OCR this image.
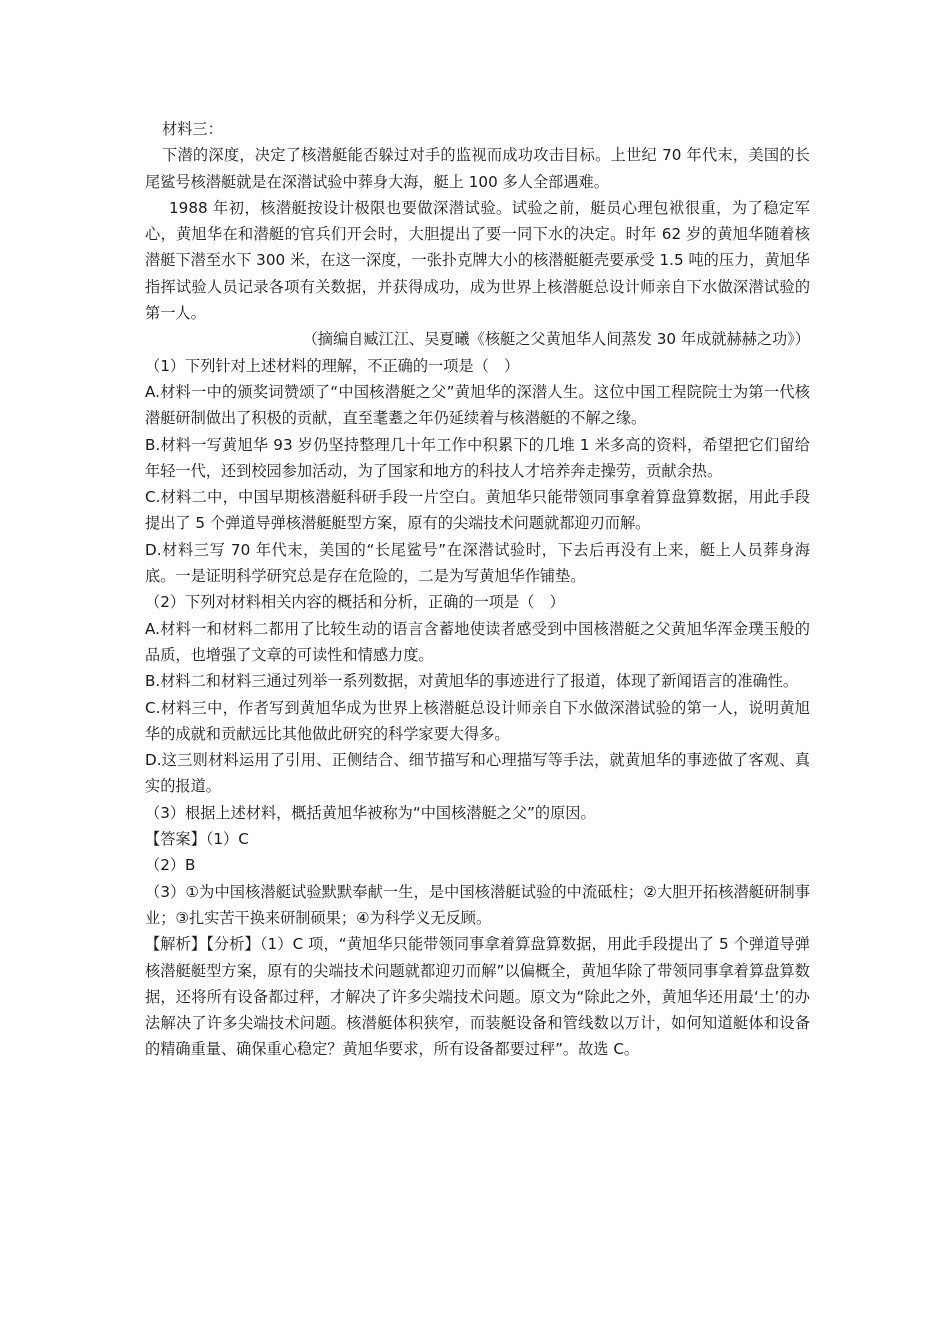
材料三：

下潜的深度，决定了核潜艇能否躲过对手的监视而成功攻击目标。上世纪 70 年代末，美国的长尾鲨号核潜艇就是在深潜试验中葬身大海，艇上 100 多人全部遇难。

1988 年初，核潜艇按设计极限也要做深潜试验。试验之前，艇员心理包袱很重，为了稳定军心，黄旭华在和潜艇的官兵们开会时，大胆提出了要一同下水的决定。时年 62 岁的黄旭华随着核潜艇下潜至水下 300 米，在这一深度，一张扑克牌大小的核潜艇艇壳要承受 1.5 吨的压力，黄旭华指挥试验人员记录各项有关数据，并获得成功，成为世界上核潜艇总设计师亲自下水做深潜试验的第一人。

（摘编自臧江江、吴夏曦《核艇之父黄旭华人间蒸发 30 年成就赫赫之功》）

（1）下列针对上述材料的理解，不正确的一项是（　）

A.材料一中的颁奖词赞颂了“中国核潜艇之父”黄旭华的深潜人生。这位中国工程院院士为第一代核潜艇研制做出了积极的贡献，直至耄耋之年仍延续着与核潜艇的不解之缘。

B.材料一写黄旭华 93 岁仍坚持整理几十年工作中积累下的几堆 1 米多高的资料，希望把它们留给年轻一代，还到校园参加活动，为了国家和地方的科技人才培养奔走操劳，贡献余热。

C.材料二中，中国早期核潜艇科研手段一片空白。黄旭华只能带领同事拿着算盘算数据，用此手段提出了 5 个弹道导弹核潜艇艇型方案，原有的尖端技术问题就都迎刃而解。

D.材料三写 70 年代末，美国的“长尾鲨号”在深潜试验时，下去后再没有上来，艇上人员葬身海底。一是证明科学研究总是存在危险的，二是为写黄旭华作铺垫。

（2）下列对材料相关内容的概括和分析，正确的一项是（　）

A.材料一和材料二都用了比较生动的语言含蓄地使读者感受到中国核潜艇之父黄旭华浑金璞玉般的品质，也增强了文章的可读性和情感力度。

B.材料二和材料三通过列举一系列数据，对黄旭华的事迹进行了报道，体现了新闻语言的准确性。

C.材料三中，作者写到黄旭华成为世界上核潜艇总设计师亲自下水做深潜试验的第一人，说明黄旭华的成就和贡献远比其他做此研究的科学家要大得多。

D.这三则材料运用了引用、正侧结合、细节描写和心理描写等手法，就黄旭华的事迹做了客观、真实的报道。

（3）根据上述材料，概括黄旭华被称为“中国核潜艇之父”的原因。

【答案】（1）C

（2）B

（3）①为中国核潜艇试验默默奉献一生，是中国核潜艇试验的中流砥柱；②大胆开拓核潜艇研制事业；③扎实苦干换来研制硕果；④为科学义无反顾。

【解析】【分析】（1）C 项，“黄旭华只能带领同事拿着算盘算数据，用此手段提出了 5 个弹道导弹核潜艇艇型方案，原有的尖端技术问题就都迎刃而解”以偏概全，黄旭华除了带领同事拿着算盘算数据，还将所有设备都过秤，才解决了许多尖端技术问题。原文为“除此之外，黄旭华还用最‘土’的办法解决了许多尖端技术问题。核潜艇体积狭窄，而装艇设备和管线数以万计，如何知道艇体和设备的精确重量、确保重心稳定？黄旭华要求，所有设备都要过秤”。故选 C。
